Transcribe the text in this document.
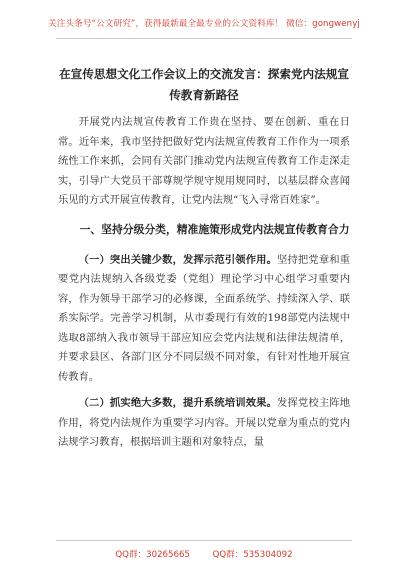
关注头条号“公文研究”，获得最新最全最专业的公文资料库！ 微信：gongwenyj
在宣传思想文化工作会议上的交流发言：探索党内法规宣传教育新路径

开展党内法规宣传教育工作贵在坚持、要在创新、重在日常。近年来，我市坚持把做好党内法规宣传教育工作作为一项系统性工作来抓，会同有关部门推动党内法规宣传教育工作走深走实，引导广大党员干部尊规学规守规用规同时，以基层群众喜闻乐见的方式开展宣传教育，让党内法规“飞入寻常百姓家”。

一、坚持分级分类，精准施策形成党内法规宣传教育合力

（一）突出关键少数，发挥示范引领作用。坚持把党章和重要党内法规纳入各级党委（党组）理论学习中心组学习重要内容，作为领导干部学习的必修课，全面系统学、持续深入学、联系实际学。完善学习机制，从市委现行有效的198部党内法规中选取8部纳入我市领导干部应知应会党内法规和法律法规清单，并要求县区、各部门区分不同层级不同对象，有针对性地开展宣传教育。

（二）抓实绝大多数，提升系统培训效果。发挥党校主阵地作用，将党内法规作为重要学习内容。开展以党章为重点的党内法规学习教育，根据培训主题和对象特点，量

QQ群：30265665	QQ群：535304092
